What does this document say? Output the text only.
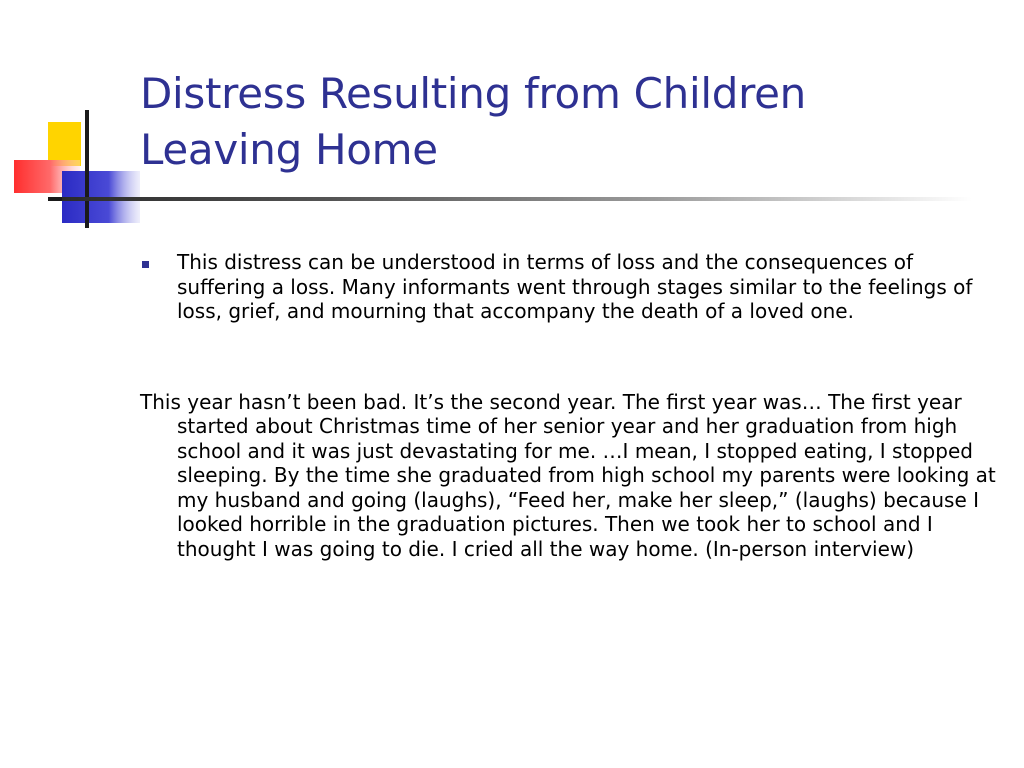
Distress Resulting from Children
Leaving Home

This distress can be understood in terms of loss and the consequences of suffering a loss. Many informants went through stages similar to the feelings of loss, grief, and mourning that accompany the death of a loved one.

This year hasn’t been bad. It’s the second year. The first year was… The first year started about Christmas time of her senior year and her graduation from high school and it was just devastating for me. …I mean, I stopped eating, I stopped sleeping. By the time she graduated from high school my parents were looking at my husband and going (laughs), “Feed her, make her sleep,” (laughs) because I looked horrible in the graduation pictures. Then we took her to school and I thought I was going to die. I cried all the way home. (In-person interview)
